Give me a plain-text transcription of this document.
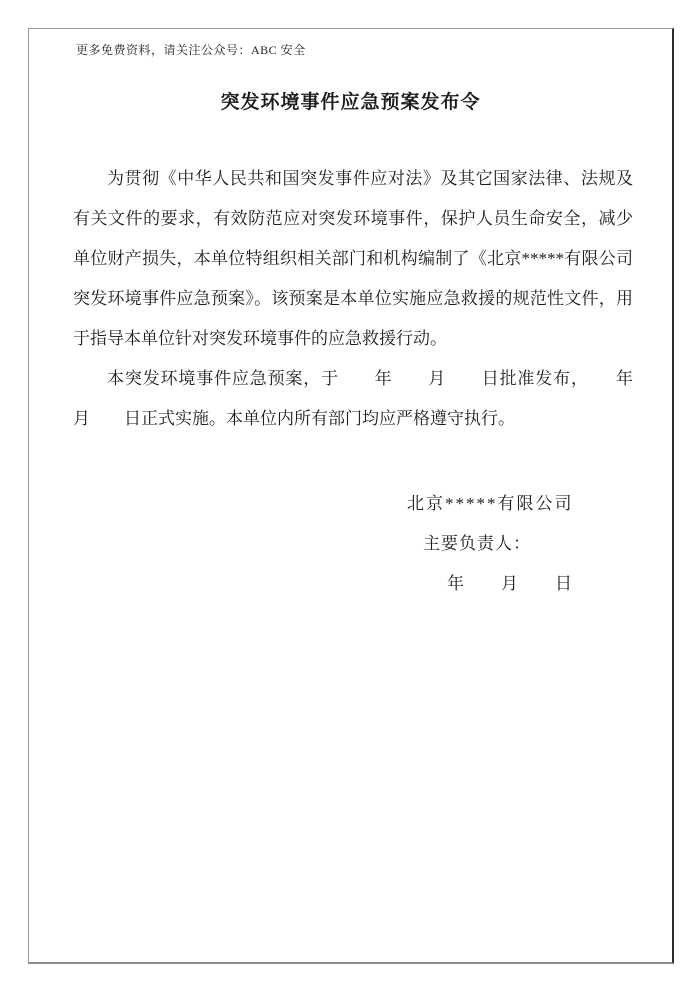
更多免费资料，请关注公众号：ABC 安全
突发环境事件应急预案发布令

为贯彻《中华人民共和国突发事件应对法》及其它国家法律、法规及有关文件的要求，有效防范应对突发环境事件，保护人员生命安全，减少单位财产损失，本单位特组织相关部门和机构编制了《北京*****有限公司突发环境事件应急预案》。该预案是本单位实施应急救援的规范性文件，用于指导本单位针对突发环境事件的应急救援行动。

本突发环境事件应急预案，于　　年　　月　　日批准发布，　　年　　月　　日正式实施。本单位内所有部门均应严格遵守执行。

北京*****有限公司
主要负责人：
年　　月　　日
